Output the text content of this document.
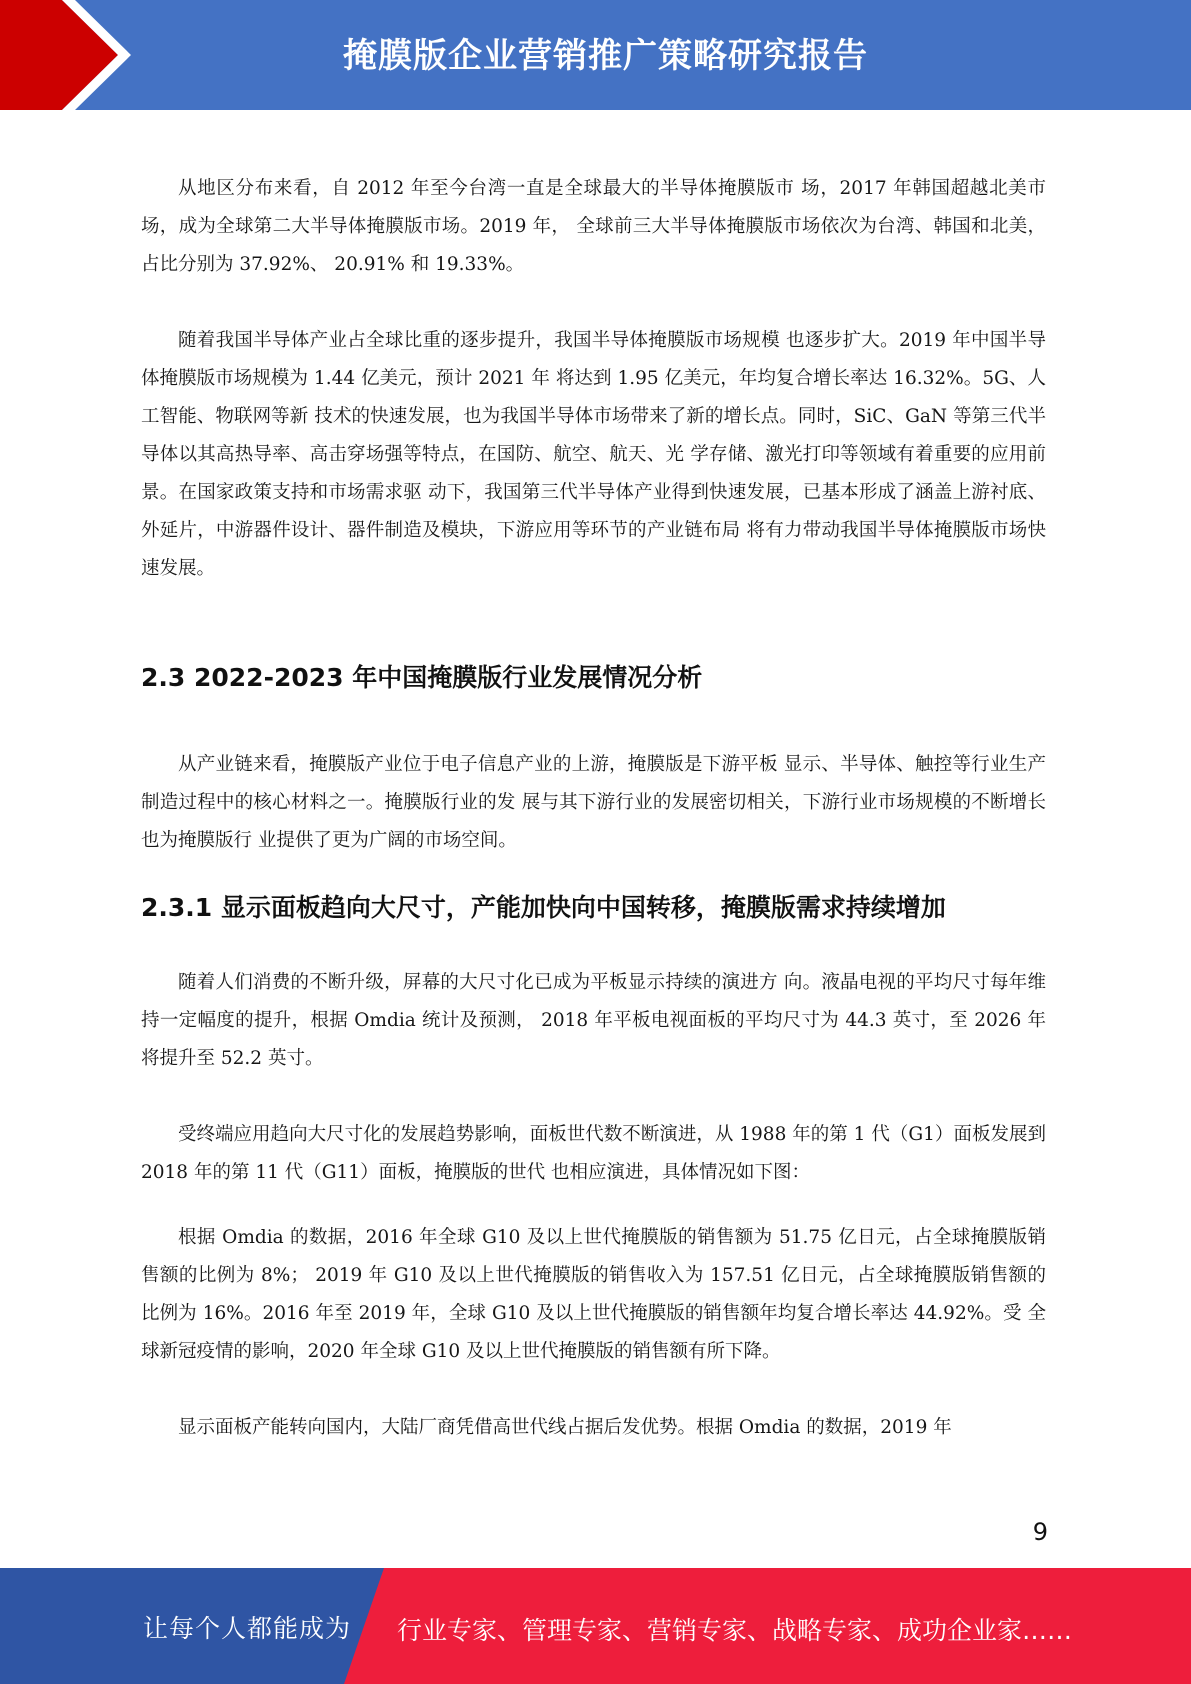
掩膜版企业营销推广策略研究报告

从地区分布来看，自 2012 年至今台湾一直是全球最大的半导体掩膜版市 场，2017 年韩国超越北美市场，成为全球第二大半导体掩膜版市场。2019 年， 全球前三大半导体掩膜版市场依次为台湾、韩国和北美，占比分别为 37.92%、 20.91% 和 19.33%。

随着我国半导体产业占全球比重的逐步提升，我国半导体掩膜版市场规模 也逐步扩大。2019 年中国半导体掩膜版市场规模为 1.44 亿美元，预计 2021 年 将达到 1.95 亿美元，年均复合增长率达 16.32%。5G、人工智能、物联网等新 技术的快速发展，也为我国半导体市场带来了新的增长点。同时，SiC、GaN 等第三代半导体以其高热导率、高击穿场强等特点，在国防、航空、航天、光 学存储、激光打印等领域有着重要的应用前景。在国家政策支持和市场需求驱 动下，我国第三代半导体产业得到快速发展，已基本形成了涵盖上游衬底、外延片，中游器件设计、器件制造及模块，下游应用等环节的产业链布局 将有力带动我国半导体掩膜版市场快速发展。

2.3 2022-2023 年中国掩膜版行业发展情况分析

从产业链来看，掩膜版产业位于电子信息产业的上游，掩膜版是下游平板 显示、半导体、触控等行业生产制造过程中的核心材料之一。掩膜版行业的发 展与其下游行业的发展密切相关，下游行业市场规模的不断增长也为掩膜版行 业提供了更为广阔的市场空间。

2.3.1 显示面板趋向大尺寸，产能加快向中国转移，掩膜版需求持续增加

随着人们消费的不断升级，屏幕的大尺寸化已成为平板显示持续的演进方 向。液晶电视的平均尺寸每年维持一定幅度的提升，根据 Omdia 统计及预测， 2018 年平板电视面板的平均尺寸为 44.3 英寸，至 2026 年将提升至 52.2 英寸。

受终端应用趋向大尺寸化的发展趋势影响，面板世代数不断演进，从 1988 年的第 1 代（G1）面板发展到 2018 年的第 11 代（G11）面板，掩膜版的世代 也相应演进，具体情况如下图：

根据 Omdia 的数据，2016 年全球 G10 及以上世代掩膜版的销售额为 51.75 亿日元，占全球掩膜版销售额的比例为 8%； 2019 年 G10 及以上世代掩膜版的销售收入为 157.51 亿日元，占全球掩膜版销售额的比例为 16%。2016 年至 2019 年，全球 G10 及以上世代掩膜版的销售额年均复合增长率达 44.92%。受 全球新冠疫情的影响，2020 年全球 G10 及以上世代掩膜版的销售额有所下降。

显示面板产能转向国内，大陆厂商凭借高世代线占据后发优势。根据 Omdia 的数据，2019 年

9
让每个人都能成为 行业专家、管理专家、营销专家、战略专家、成功企业家……
